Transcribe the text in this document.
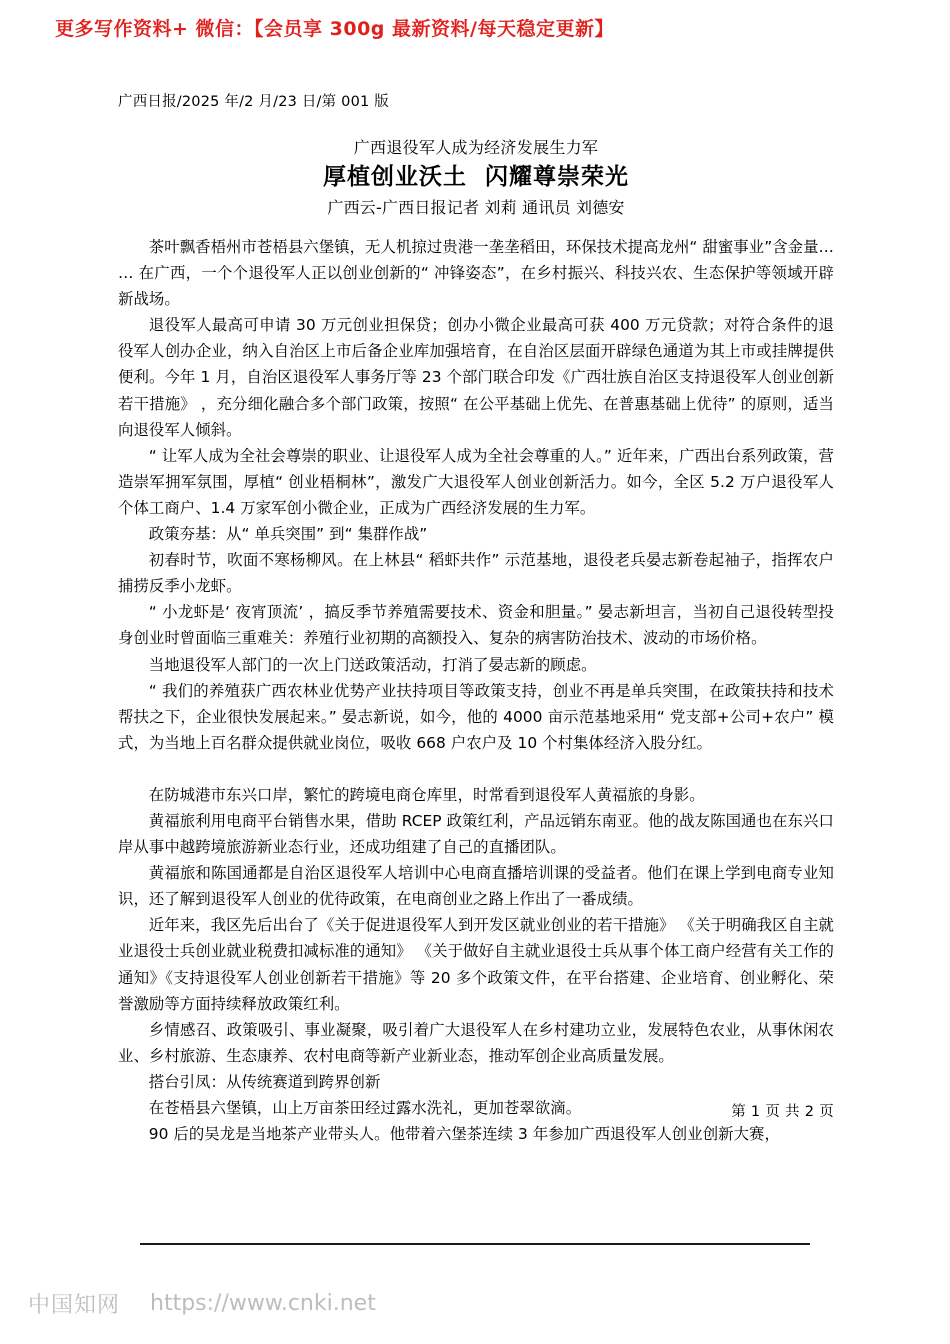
更多写作资料+ 微信：【会员享 300g 最新资料/每天稳定更新】
广西日报/2025 年/2 月/23 日/第 001 版
广西退役军人成为经济发展生力军
厚植创业沃土 闪耀尊崇荣光
广西云-广西日报记者 刘莉 通讯员 刘德安

茶叶飘香梧州市苍梧县六堡镇，无人机掠过贵港一垄垄稻田，环保技术提高龙州“ 甜蜜事业”含金量… … 在广西，一个个退役军人正以创业创新的“ 冲锋姿态”，在乡村振兴、科技兴农、生态保护等领域开辟新战场。

退役军人最高可申请 30 万元创业担保贷；创办小微企业最高可获 400 万元贷款；对符合条件的退役军人创办企业，纳入自治区上市后备企业库加强培育，在自治区层面开辟绿色通道为其上市或挂牌提供便利。今年 1 月，自治区退役军人事务厅等 23 个部门联合印发《广西壮族自治区支持退役军人创业创新若干措施》 ，充分细化融合多个部门政策，按照“ 在公平基础上优先、在普惠基础上优待” 的原则，适当向退役军人倾斜。

“ 让军人成为全社会尊崇的职业、让退役军人成为全社会尊重的人。” 近年来，广西出台系列政策，营造崇军拥军氛围，厚植“ 创业梧桐林”，激发广大退役军人创业创新活力。如今，全区 5.2 万户退役军人个体工商户、1.4 万家军创小微企业，正成为广西经济发展的生力军。

政策夯基：从“ 单兵突围” 到“ 集群作战”

初春时节，吹面不寒杨柳风。在上林县“ 稻虾共作” 示范基地，退役老兵晏志新卷起袖子，指挥农户捕捞反季小龙虾。

“ 小龙虾是‘ 夜宵顶流’ ，搞反季节养殖需要技术、资金和胆量。” 晏志新坦言，当初自己退役转型投身创业时曾面临三重难关：养殖行业初期的高额投入、复杂的病害防治技术、波动的市场价格。

当地退役军人部门的一次上门送政策活动，打消了晏志新的顾虑。

“ 我们的养殖获广西农林业优势产业扶持项目等政策支持，创业不再是单兵突围，在政策扶持和技术帮扶之下，企业很快发展起来。” 晏志新说，如今，他的 4000 亩示范基地采用“ 党支部+公司+农户” 模式，为当地上百名群众提供就业岗位，吸收 668 户农户及 10 个村集体经济入股分红。

在防城港市东兴口岸，繁忙的跨境电商仓库里，时常看到退役军人黄福旅的身影。

黄福旅利用电商平台销售水果，借助 RCEP 政策红利，产品远销东南亚。他的战友陈国通也在东兴口岸从事中越跨境旅游新业态行业，还成功组建了自己的直播团队。

黄福旅和陈国通都是自治区退役军人培训中心电商直播培训课的受益者。他们在课上学到电商专业知识，还了解到退役军人创业的优待政策，在电商创业之路上作出了一番成绩。

近年来，我区先后出台了《关于促进退役军人到开发区就业创业的若干措施》 《关于明确我区自主就业退役士兵创业就业税费扣减标准的通知》 《关于做好自主就业退役士兵从事个体工商户经营有关工作的通知》《支持退役军人创业创新若干措施》等 20 多个政策文件，在平台搭建、企业培育、创业孵化、荣誉激励等方面持续释放政策红利。

乡情感召、政策吸引、事业凝聚，吸引着广大退役军人在乡村建功立业，发展特色农业，从事休闲农业、乡村旅游、生态康养、农村电商等新产业新业态，推动军创企业高质量发展。

搭台引凤：从传统赛道到跨界创新

在苍梧县六堡镇，山上万亩茶田经过露水洗礼，更加苍翠欲滴。

90 后的吴龙是当地茶产业带头人。他带着六堡茶连续 3 年参加广西退役军人创业创新大赛，

第 1 页 共 2 页
中国知网 https://www.cnki.net
